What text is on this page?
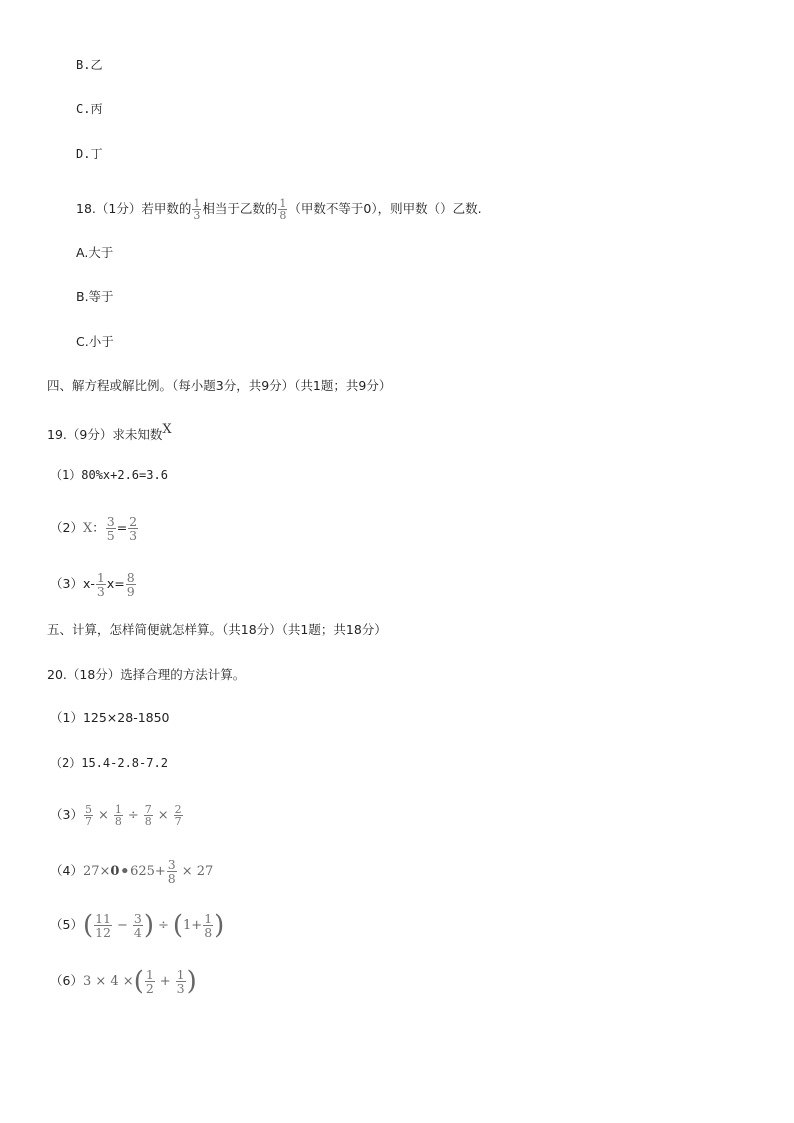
B.乙
C.丙
D.丁
18.（1分）若甲数的 $\frac{1}{3}$ 相当于乙数的 $\frac{1}{8}$ （甲数不等于0），则甲数（）乙数.
A.大于
B.等于
C.小于
四、解方程或解比例。（每小题3分，共9分）（共1题；共9分）
19.（9分）求未知数X
（1）80%x+2.6=3.6
（2）X： $\frac{3}{5} = \frac{2}{3}$
$(3)x- \frac{1}{3} x= \frac{8}{9}$
五、计算，怎样简便就怎样算。（共18分）（共1题；共18分）
20.（18分）选择合理的方法计算。
（1）125×28-1850
（2）15.4-2.8-7.2
$(3) \frac{5}{7} \times \frac{1}{8} \div \frac{7}{8} \times \frac{2}{7}$
（4）27×0•625+ $\frac{3}{8} \times 27$
$(5)( \frac{11}{12} - \frac{3}{4}$ ) ÷ ($1+ \frac{1}{8}$ )
（6）3 × 4 ×( $\frac{1}{2} + \frac{1}{3}$ )
